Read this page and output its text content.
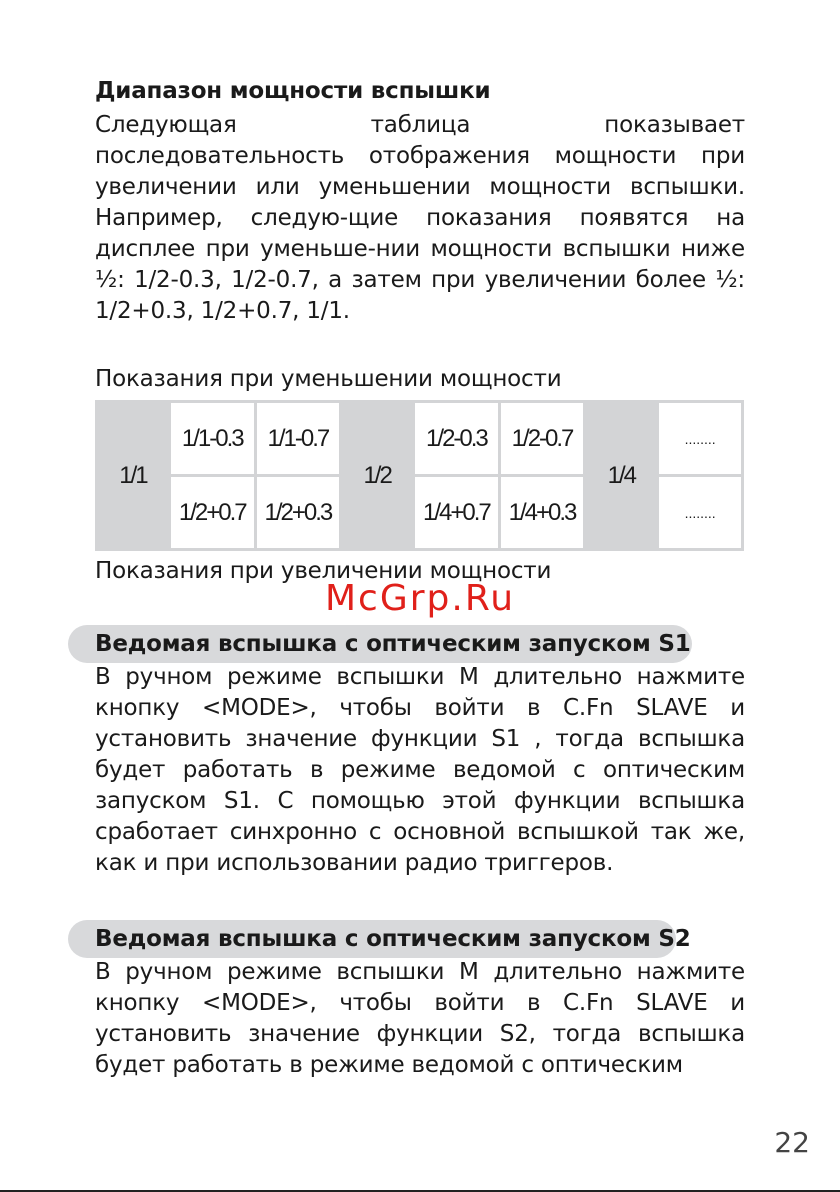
Диапазон мощности вспышки

Следующая таблица показывает последовательность отображения мощности при увеличении или уменьшении мощности вспышки. Например, следую-щие показания появятся на дисплее при уменьше-нии мощности вспышки ниже ½: 1/2-0.3, 1/2-0.7, а затем при увеличении более ½: 1/2+0.3, 1/2+0.7, 1/1.

Показания при уменьшении мощности
1/1	1/1-0.3	1/1-0.7	1/2	1/2-0.3	1/2-0.7	1/4	........
	1/2+0.7	1/2+0.3		1/4+0.7	1/4+0.3		........
Показания при увеличении мощности
McGrp.Ru
Ведомая вспышка с оптическим запуском S1

В ручном режиме вспышки М длительно нажмите кнопку <MODE>, чтобы войти в C.Fn SLAVE и установить значение функции S1 , тогда вспышка будет работать в режиме ведомой с оптическим запуском S1. С помощью этой функции вспышка сработает синхронно с основной вспышкой так же, как и при использовании радио триггеров.

Ведомая вспышка с оптическим запуском S2

В ручном режиме вспышки М длительно нажмите кнопку <MODE>, чтобы войти в C.Fn SLAVE и установить значение функции S2, тогда вспышка будет работать в режиме ведомой с оптическим

22
